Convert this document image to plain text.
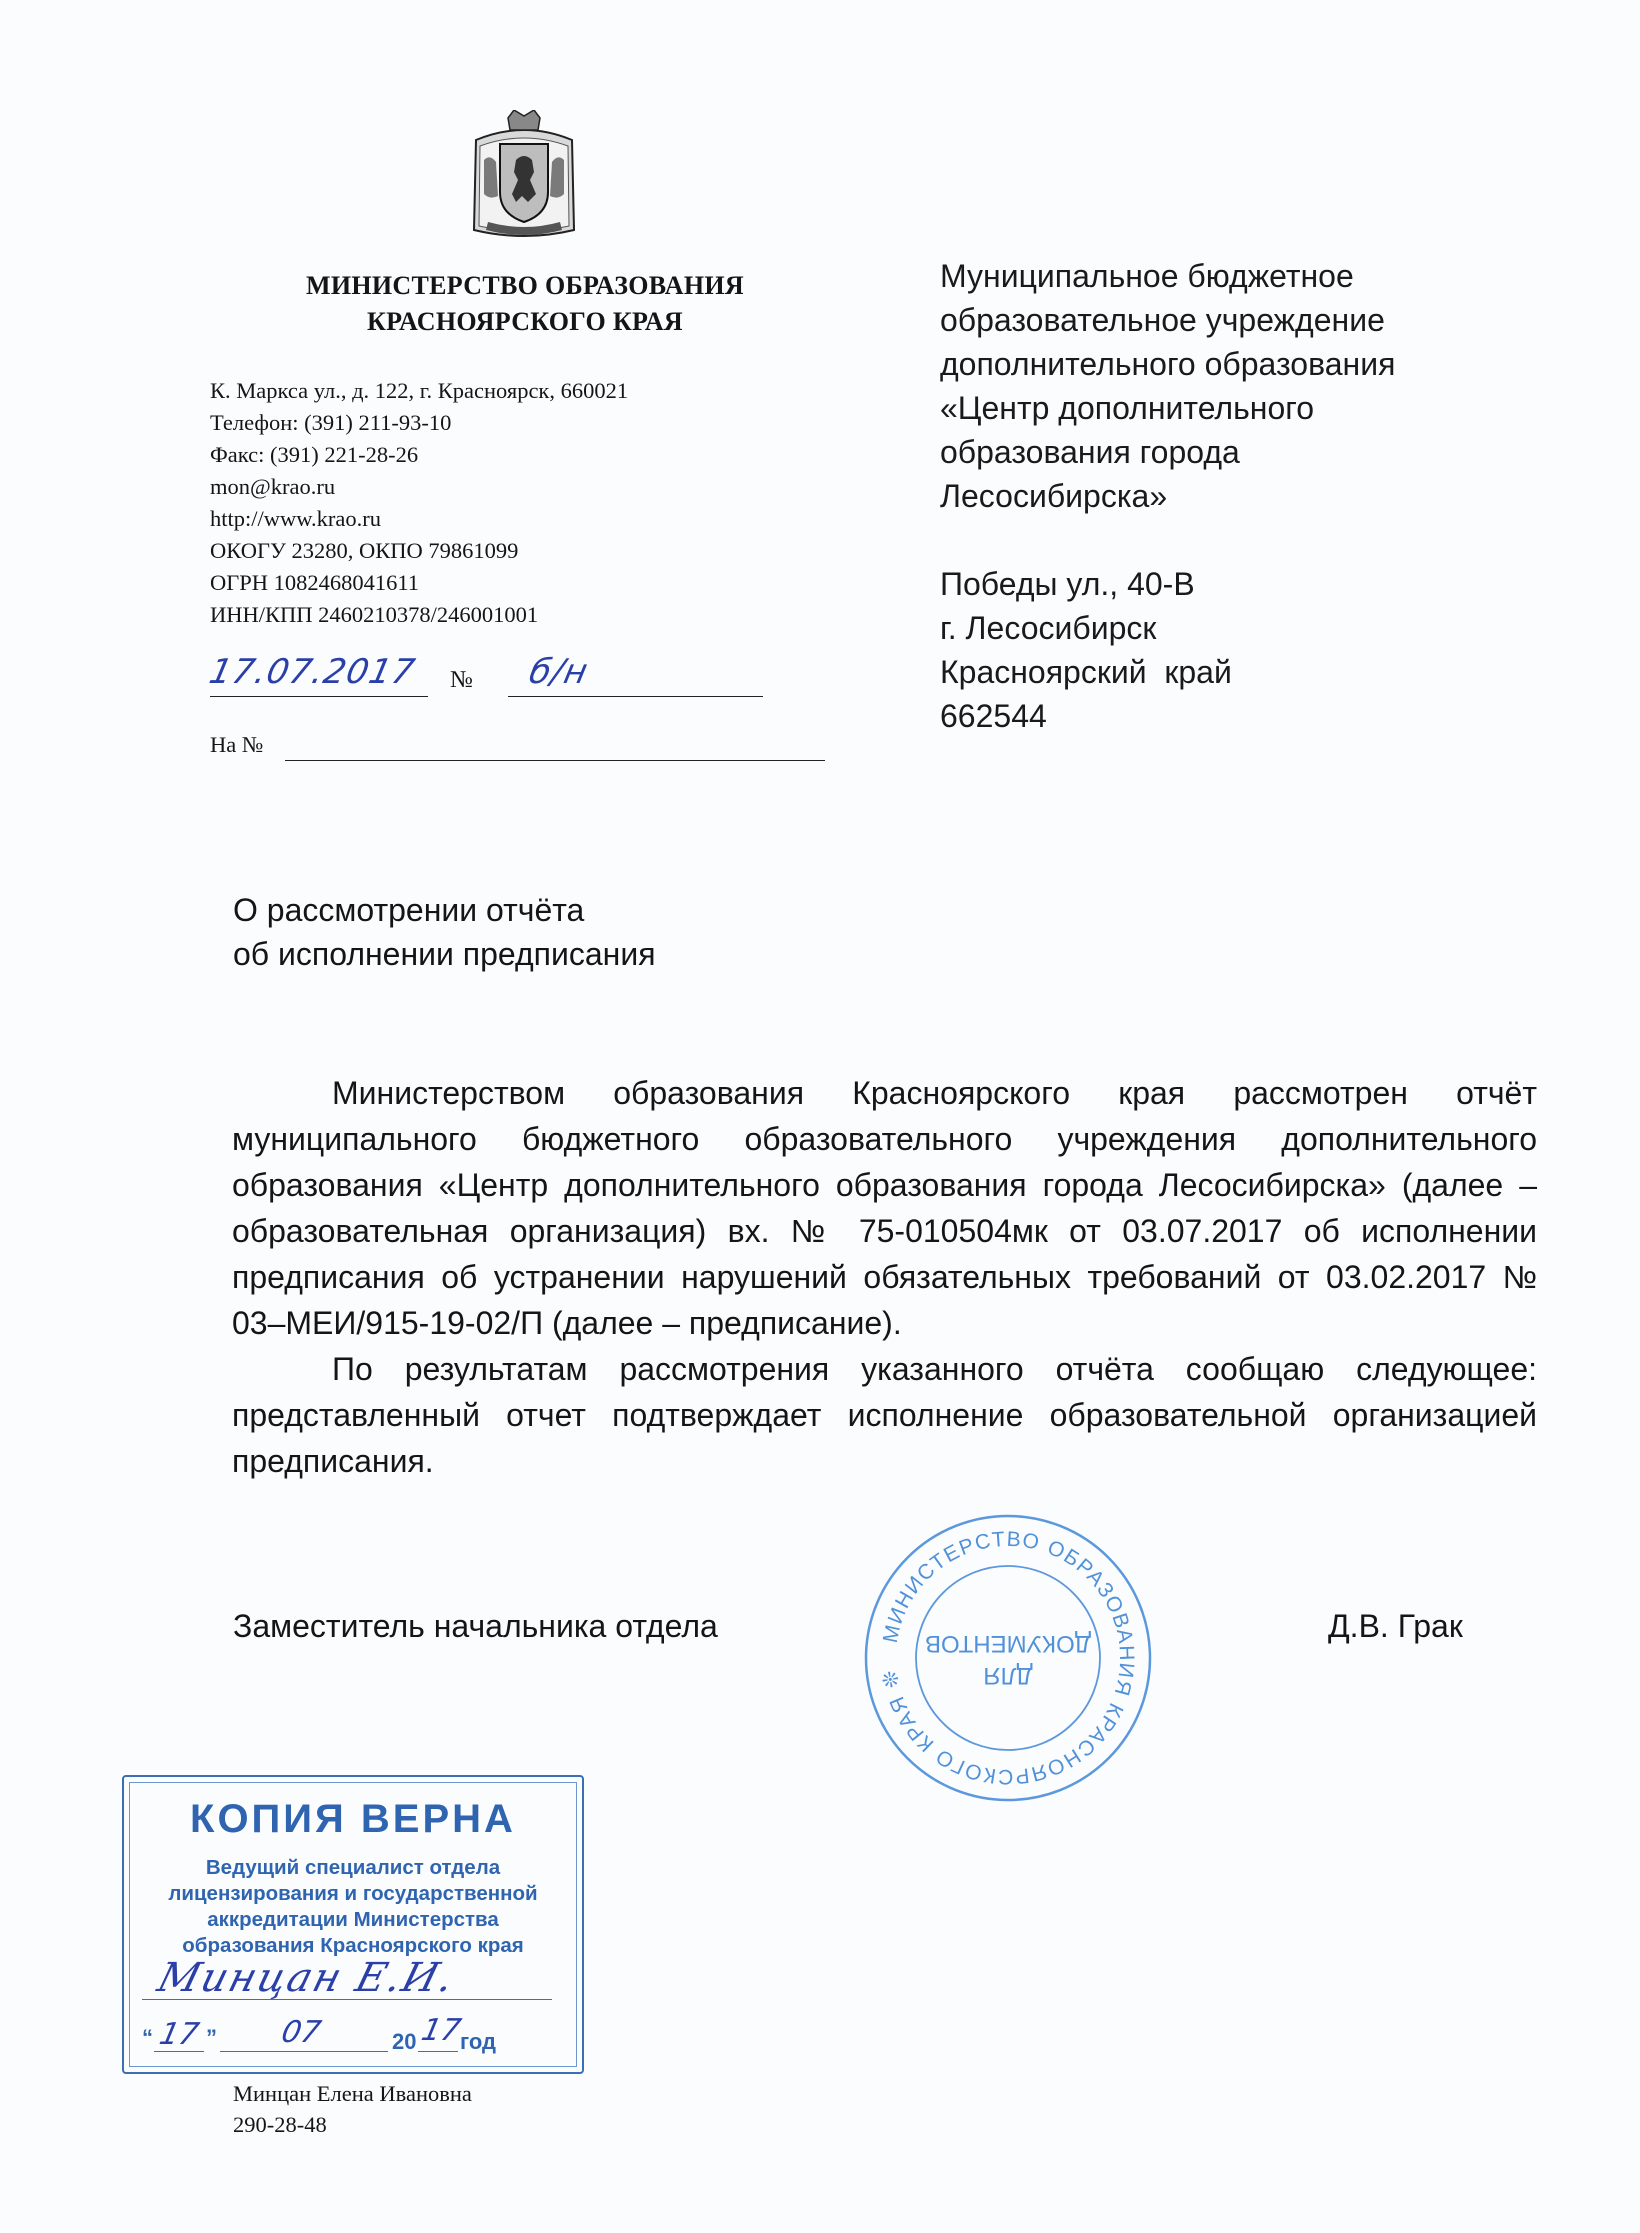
МИНИСТЕРСТВО ОБРАЗОВАНИЯ
КРАСНОЯРСКОГО КРАЯ
К. Маркса ул., д. 122, г. Красноярск, 660021
Телефон: (391) 211-93-10
Факс: (391) 221-28-26
mon@krao.ru
http://www.krao.ru
ОКОГУ 23280, ОКПО 79861099
ОГРН 1082468041611
ИНН/КПП 2460210378/246001001
17.07.2017 № б/н
На №
Муниципальное бюджетное
образовательное учреждение
дополнительного образования
«Центр дополнительного
образования города
Лесосибирска»
Победы ул., 40-В
г. Лесосибирск
Красноярский  край
662544
О рассмотрении отчёта
об исполнении предписания

Министерством образования Красноярского края рассмотрен отчёт муниципального бюджетного образовательного учреждения дополнительного образования «Центр дополнительного образования города Лесосибирска» (далее – образовательная организация) вх. № 75-010504мк от 03.07.2017 об исполнении предписания об устранении нарушений обязательных требований от 03.02.2017 № 03–МЕИ/915-19-02/П (далее – предписание).

По результатам рассмотрения указанного отчёта сообщаю следующее: представленный отчет подтверждает исполнение образовательной организацией предписания.

Заместитель начальника отдела	Д.В. Грак
МИНИСТЕРСТВО ОБРАЗОВАНИЯ КРАСНОЯРСКОГО КРАЯ ❊	ДЛЯ
ДОКУМЕНТОВ
КОПИЯ ВЕРНА
Ведущий специалист отдела
лицензирования и государственной
аккредитации Министерства
образования Красноярского края
Минцан Е.И.
“ 17 ” 07	20 17
год
Минцан Елена Ивановна
290-28-48
